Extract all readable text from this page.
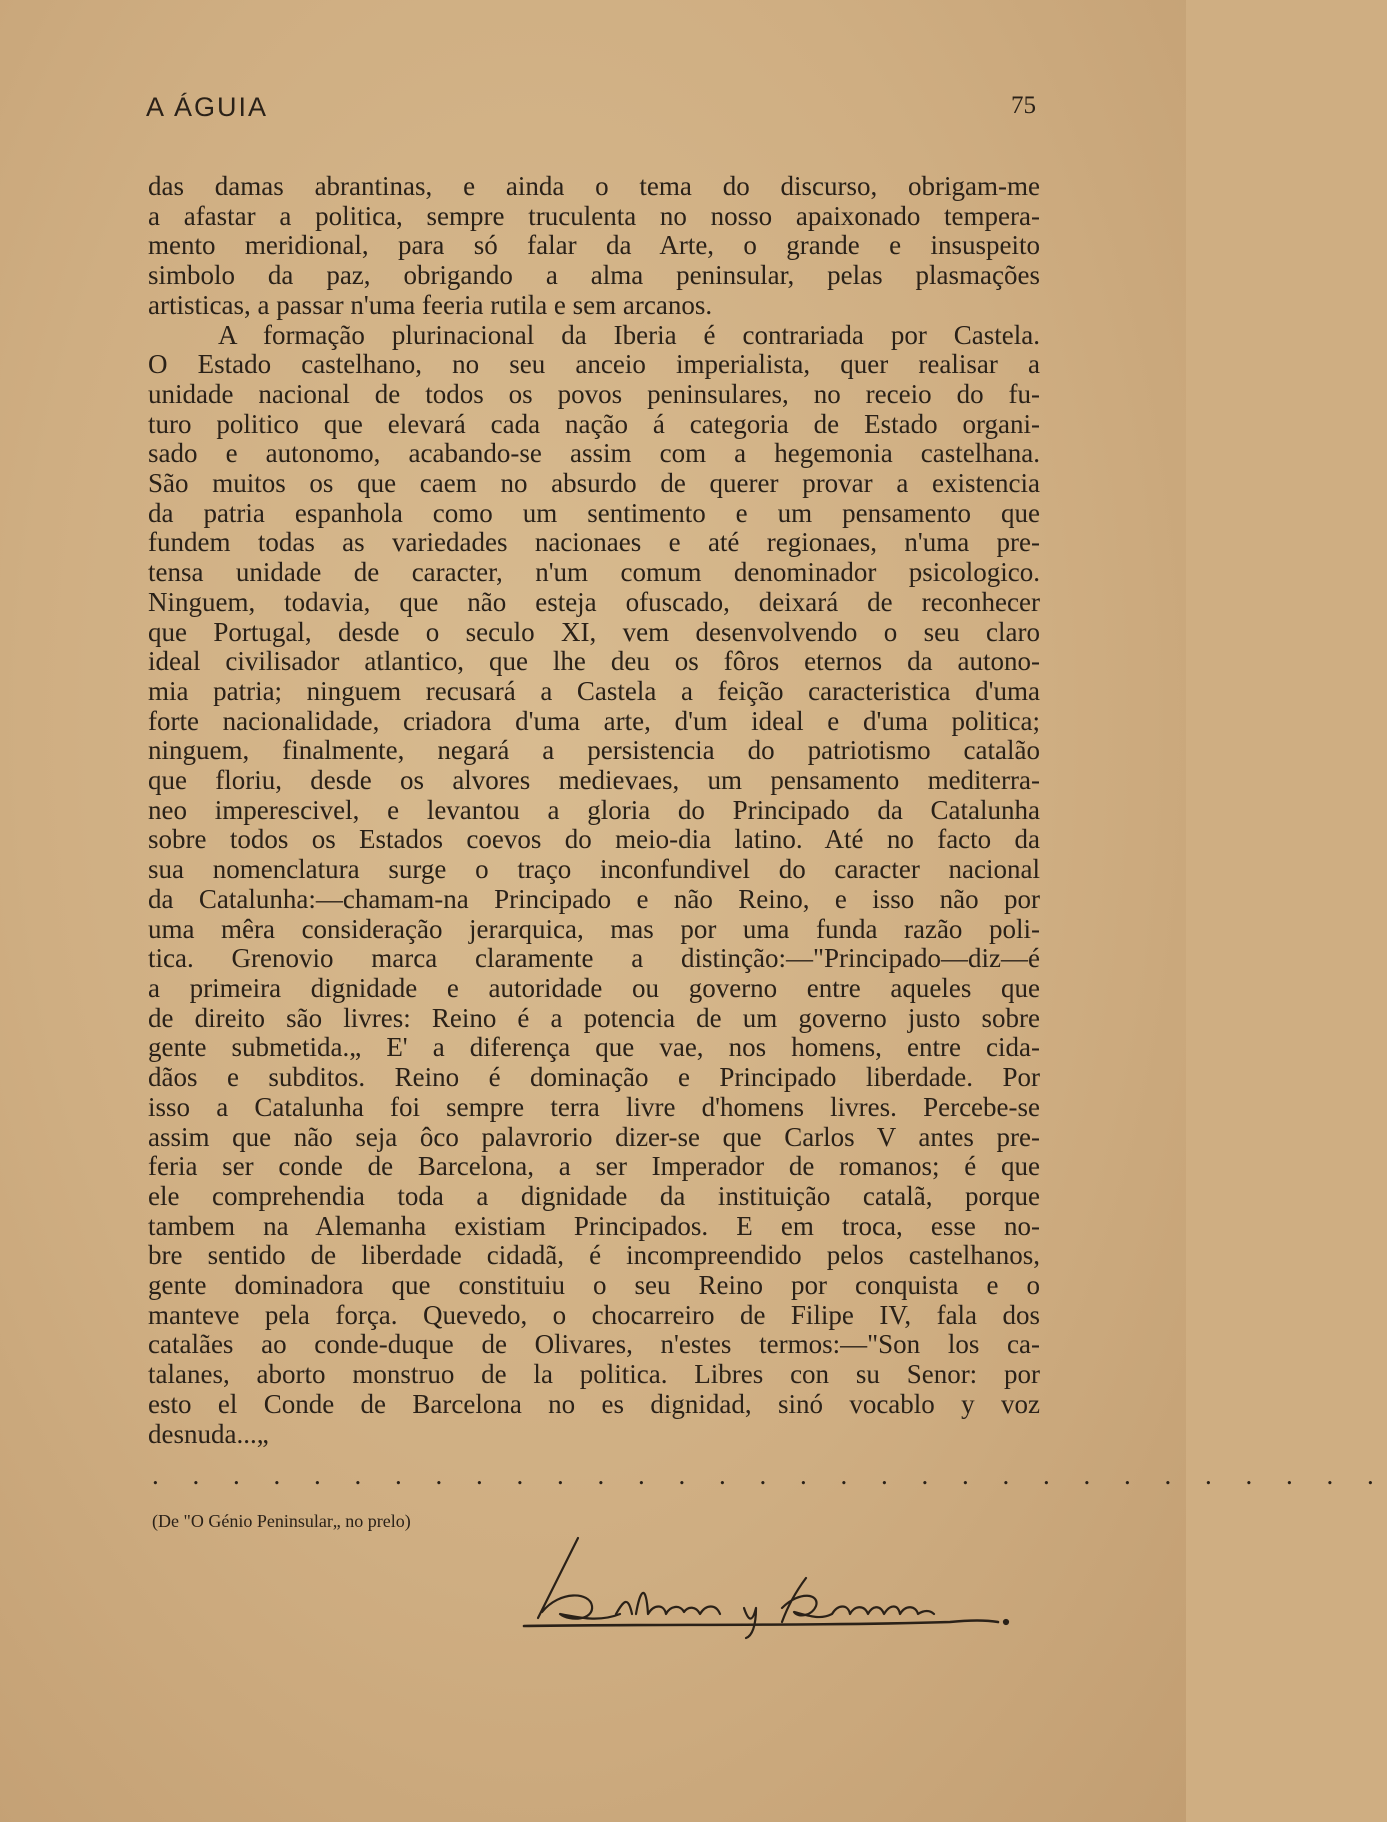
A ÁGUIA	75
das damas abrantinas, e ainda o tema do discurso, obrigam-me
a afastar a politica, sempre truculenta no nosso apaixonado tempera-
mento meridional, para só falar da Arte, o grande e insuspeito
simbolo da paz, obrigando a alma peninsular, pelas plasmações
artisticas, a passar n'uma feeria rutila e sem arcanos.
A formação plurinacional da Iberia é contrariada por Castela.
O Estado castelhano, no seu anceio imperialista, quer realisar a
unidade nacional de todos os povos peninsulares, no receio do fu-
turo politico que elevará cada nação á categoria de Estado organi-
sado e autonomo, acabando-se assim com a hegemonia castelhana.
São muitos os que caem no absurdo de querer provar a existencia
da patria espanhola como um sentimento e um pensamento que
fundem todas as variedades nacionaes e até regionaes, n'uma pre-
tensa unidade de caracter, n'um comum denominador psicologico.
Ninguem, todavia, que não esteja ofuscado, deixará de reconhecer
que Portugal, desde o seculo XI, vem desenvolvendo o seu claro
ideal civilisador atlantico, que lhe deu os fôros eternos da autono-
mia patria; ninguem recusará a Castela a feição caracteristica d'uma
forte nacionalidade, criadora d'uma arte, d'um ideal e d'uma politica;
ninguem, finalmente, negará a persistencia do patriotismo catalão
que floriu, desde os alvores medievaes, um pensamento mediterra-
neo imperescivel, e levantou a gloria do Principado da Catalunha
sobre todos os Estados coevos do meio-dia latino. Até no facto da
sua nomenclatura surge o traço inconfundivel do caracter nacional
da Catalunha:—chamam-na Principado e não Reino, e isso não por
uma mêra consideração jerarquica, mas por uma funda razão poli-
tica. Grenovio marca claramente a distinção:—"Principado—diz—é
a primeira dignidade e autoridade ou governo entre aqueles que
de direito são livres: Reino é a potencia de um governo justo sobre
gente submetida.„ E' a diferença que vae, nos homens, entre cida-
dãos e subditos. Reino é dominação e Principado liberdade. Por
isso a Catalunha foi sempre terra livre d'homens livres. Percebe-se
assim que não seja ôco palavrorio dizer-se que Carlos V antes pre-
feria ser conde de Barcelona, a ser Imperador de romanos; é que
ele comprehendia toda a dignidade da instituição catalã, porque
tambem na Alemanha existiam Principados. E em troca, esse no-
bre sentido de liberdade cidadã, é incompreendido pelos castelhanos,
gente dominadora que constituiu o seu Reino por conquista e o
manteve pela força. Quevedo, o chocarreiro de Filipe IV, fala dos
catalães ao conde-duque de Olivares, n'estes termos:—"Son los ca-
talanes, aborto monstruo de la politica. Libres con su Senor: por
esto el Conde de Barcelona no es dignidad, sinó vocablo y voz
desnuda...„
. . . . . . . . . . . . . . . . . . . . . . . . . . . . . . .
(De "O Génio Peninsular„ no prelo)	Ribera y Rovira
